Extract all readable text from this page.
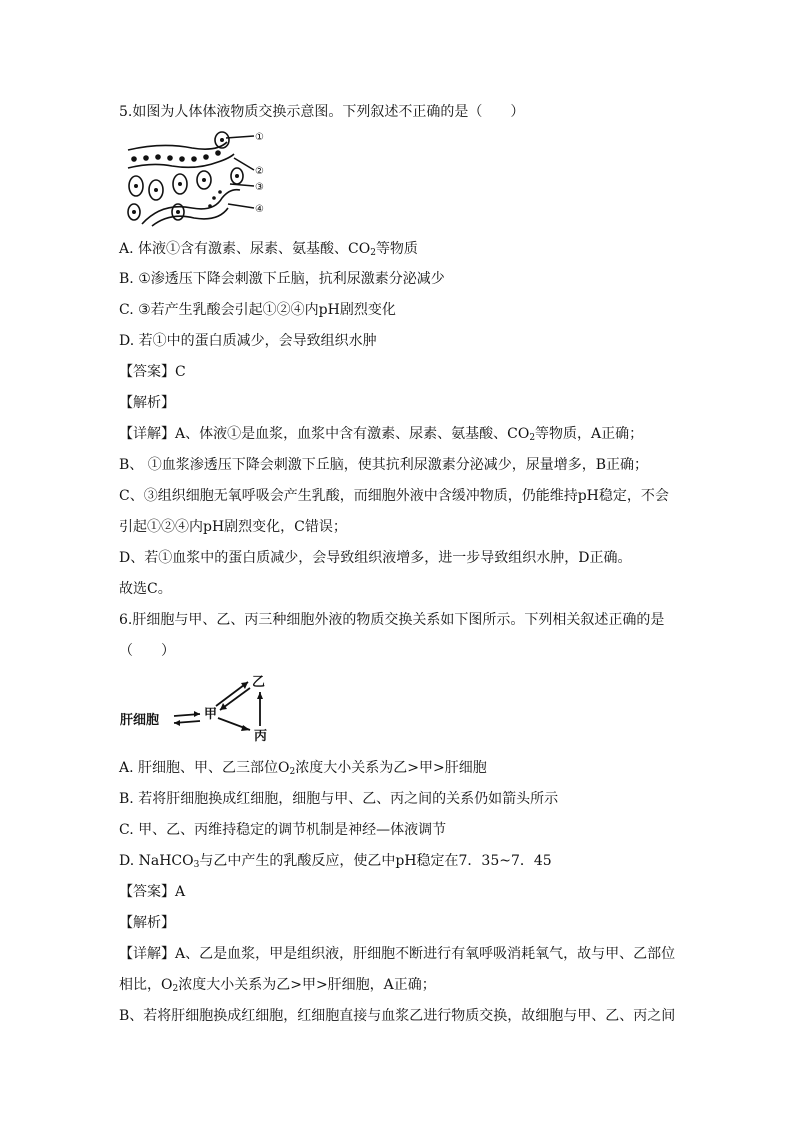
5.如图为人体体液物质交换示意图。下列叙述不正确的是（　　）
①
②
③
④
A. 体液①含有激素、尿素、氨基酸、$CO_2$等物质
B. ①渗透压下降会刺激下丘脑，抗利尿激素分泌减少
C. ③若产生乳酸会引起①②④内pH剧烈变化
D. 若①中的蛋白质减少，会导致组织水肿
【答案】C
【解析】
【详解】A、体液①是血浆，血浆中含有激素、尿素、氨基酸、$CO_2$等物质，A正确；
B、 ①血浆渗透压下降会刺激下丘脑，使其抗利尿激素分泌减少，尿量增多，B正确；
C、③组织细胞无氧呼吸会产生乳酸，而细胞外液中含缓冲物质，仍能维持pH稳定，不会
引起①②④内pH剧烈变化，C错误；
D、若①血浆中的蛋白质减少，会导致组织液增多，进一步导致组织水肿，D正确。
故选C。
6.肝细胞与甲、乙、丙三种细胞外液的物质交换关系如下图所示。下列相关叙述正确的是
（　　）
肝细胞	甲
乙
丙
A. 肝细胞、甲、乙三部位$O_2$浓度大小关系为乙>甲>肝细胞
B. 若将肝细胞换成红细胞，细胞与甲、乙、丙之间的关系仍如箭头所示
C. 甲、乙、丙维持稳定的调节机制是神经—体液调节
D. NaHCO$_3$与乙中产生的乳酸反应，使乙中pH稳定在7．35~7．45
【答案】A
【解析】
【详解】A、乙是血浆，甲是组织液，肝细胞不断进行有氧呼吸消耗氧气，故与甲、乙部位
相比，$O_2$浓度大小关系为乙>甲>肝细胞，A正确；
B、若将肝细胞换成红细胞，红细胞直接与血浆乙进行物质交换，故细胞与甲、乙、丙之间
